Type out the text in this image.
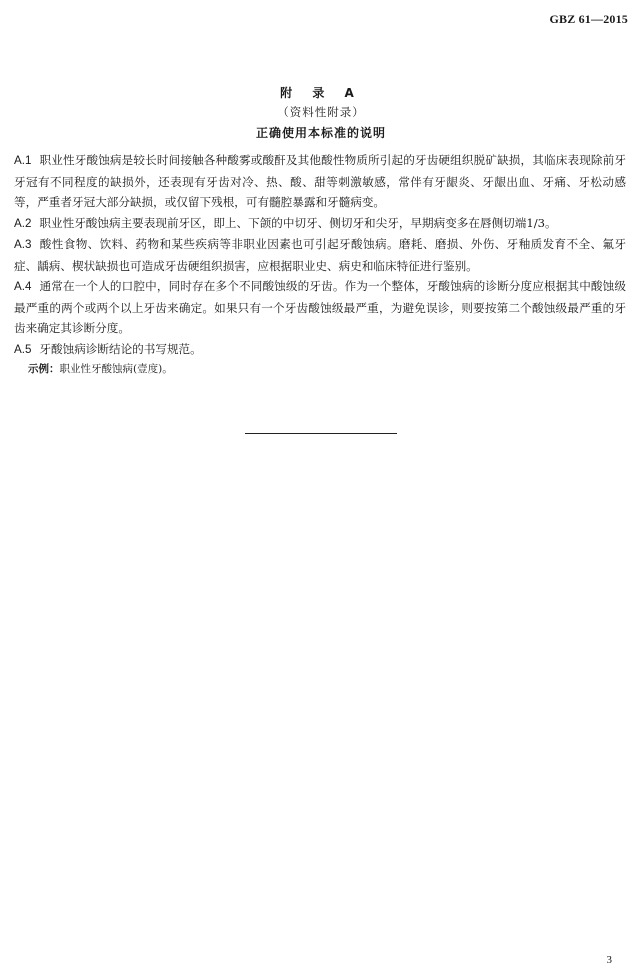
GBZ 61—2015
附 录 A
（资料性附录）
正确使用本标准的说明

A.1 职业性牙酸蚀病是较长时间接触各种酸雾或酸酐及其他酸性物质所引起的牙齿硬组织脱矿缺损，其临床表现除前牙牙冠有不同程度的缺损外，还表现有牙齿对冷、热、酸、甜等刺激敏感，常伴有牙龈炎、牙龈出血、牙痛、牙松动感等，严重者牙冠大部分缺损，或仅留下残根，可有髓腔暴露和牙髓病变。

A.2 职业性牙酸蚀病主要表现前牙区，即上、下颌的中切牙、侧切牙和尖牙，早期病变多在唇侧切端1/3。

A.3 酸性食物、饮料、药物和某些疾病等非职业因素也可引起牙酸蚀病。磨耗、磨损、外伤、牙釉质发育不全、氟牙症、龋病、楔状缺损也可造成牙齿硬组织损害，应根据职业史、病史和临床特征进行鉴别。

A.4 通常在一个人的口腔中，同时存在多个不同酸蚀级的牙齿。作为一个整体，牙酸蚀病的诊断分度应根据其中酸蚀级最严重的两个或两个以上牙齿来确定。如果只有一个牙齿酸蚀级最严重，为避免误诊，则要按第二个酸蚀级最严重的牙齿来确定其诊断分度。

A.5 牙酸蚀病诊断结论的书写规范。

示例：职业性牙酸蚀病(壹度)。

3
